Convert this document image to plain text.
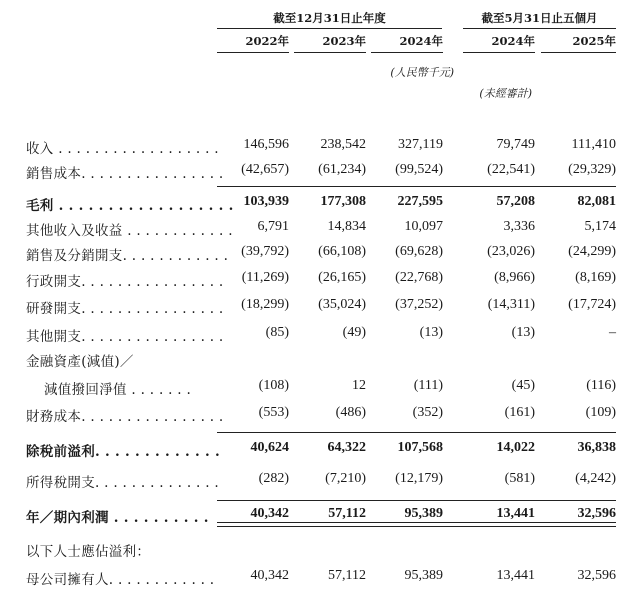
截至12月31日止年度	截至5月31日止五個月
2022年	2023年	2024年	2024年	2025年
(人民幣千元)
(未經審計)
收入 . . . . . . . . . . . . . . . . . .	146,596	238,542	327,119	79,749	111,410
銷售成本. . . . . . . . . . . . . . . .	(42,657)	(61,234)	(99,524)	(22,541)	(29,329)
毛利 . . . . . . . . . . . . . . . . . . 103,939	177,308	227,595	57,208	82,081
其他收入及收益 . . . . . . . . . . . .	6,791	14,834	10,097	3,336	5,174
銷售及分銷開支. . . . . . . . . . . . (39,792)	(66,108)	(69,628)	(23,026)	(24,299)
行政開支. . . . . . . . . . . . . . . .	(11,269)	(26,165)	(22,768)	(8,966)	(8,169)
研發開支. . . . . . . . . . . . . . . .	(18,299)	(35,024)	(37,252)	(14,311)	(17,724)
其他開支. . . . . . . . . . . . . . . .	(85)	(49)	(13)	(13)	–
金融資產(減值)／
減值撥回淨值 . . . . . . .	(108)	12	(111)	(45)	(116)
財務成本. . . . . . . . . . . . . . . .	(553)	(486)	(352)	(161)	(109)
除稅前溢利. . . . . . . . . . . . .	40,624	64,322	107,568	14,022	36,838
所得稅開支. . . . . . . . . . . . . .	(282)	(7,210)	(12,179)	(581)	(4,242)
年／期內利潤 . . . . . . . . . .	40,342	57,112	95,389	13,441	32,596
以下人士應佔溢利：
母公司擁有人. . . . . . . . . . . .	40,342	57,112	95,389	13,441	32,596
